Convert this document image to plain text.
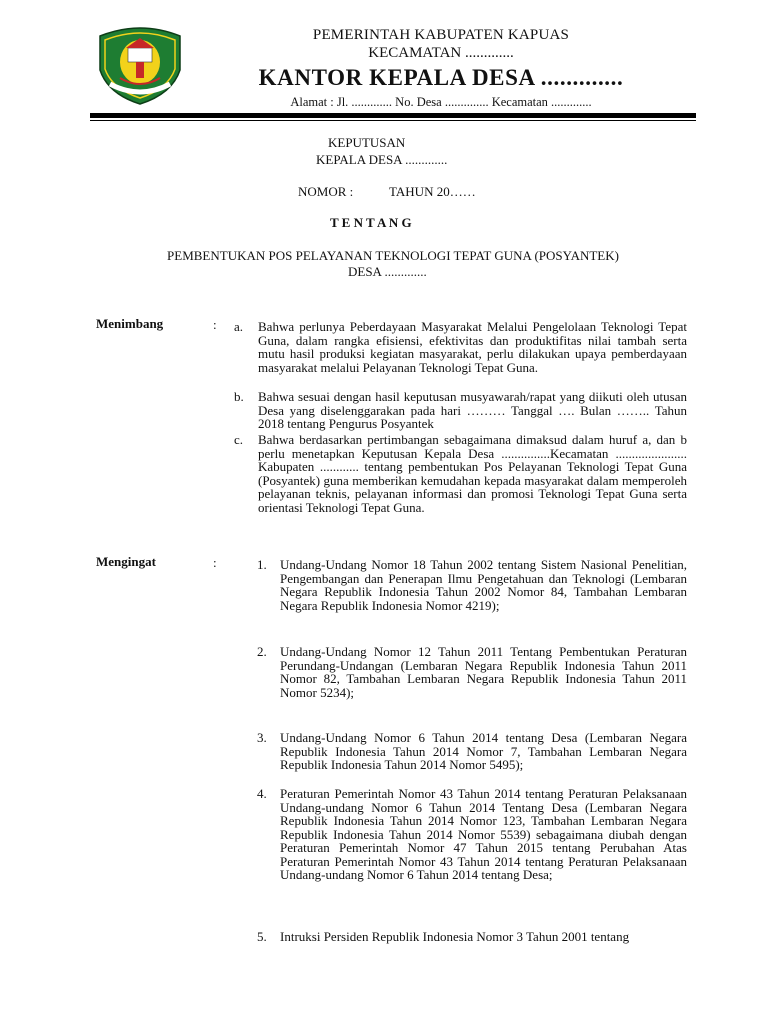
PEMERINTAH KABUPATEN KAPUAS
KECAMATAN .............
KANTOR KEPALA DESA .............
Alamat : Jl. ............. No. Desa .............. Kecamatan .............
KEPUTUSAN
KEPALA DESA .............
NOMOR :	TAHUN 20……
T E N T A N G
PEMBENTUKAN POS PELAYANAN TEKNOLOGI TEPAT GUNA (POSYANTEK)
DESA .............
Menimbang	: a. Bahwa perlunya Peberdayaan Masyarakat Melalui Pengelolaan Teknologi Tepat Guna, dalam rangka efisiensi, efektivitas dan produktifitas nilai tambah serta mutu hasil produksi kegiatan masyarakat, perlu dilakukan upaya pemberdayaan masyarakat melalui Pelayanan Teknologi Tepat Guna.
b. Bahwa sesuai dengan hasil keputusan musyawarah/rapat yang diikuti oleh utusan Desa yang diselenggarakan pada hari ……… Tanggal …. Bulan …….. Tahun 2018 tentang Pengurus Posyantek
c. Bahwa berdasarkan pertimbangan sebagaimana dimaksud dalam huruf a, dan b perlu menetapkan Keputusan Kepala Desa ...............Kecamatan ...................... Kabupaten ............ tentang pembentukan Pos Pelayanan Teknologi Tepat Guna (Posyantek) guna memberikan kemudahan kepada masyarakat dalam memperoleh pelayanan teknis, pelayanan informasi dan promosi Teknologi Tepat Guna serta orientasi Teknologi Tepat Guna.
Mengingat	:	1. Undang-Undang Nomor 18 Tahun 2002 tentang Sistem Nasional Penelitian, Pengembangan dan Penerapan Ilmu Pengetahuan dan Teknologi (Lembaran Negara Republik Indonesia Tahun 2002 Nomor 84, Tambahan Lembaran Negara Republik Indonesia Nomor 4219);
2. Undang-Undang Nomor 12 Tahun 2011 Tentang Pembentukan Peraturan Perundang-Undangan (Lembaran Negara Republik Indonesia Tahun 2011 Nomor 82, Tambahan Lembaran Negara Republik Indonesia Tahun 2011 Nomor 5234);
3. Undang-Undang Nomor 6 Tahun 2014 tentang Desa (Lembaran Negara Republik Indonesia Tahun 2014 Nomor 7, Tambahan Lembaran Negara Republik Indonesia Tahun 2014 Nomor 5495);
4. Peraturan Pemerintah Nomor 43 Tahun 2014 tentang Peraturan Pelaksanaan Undang-undang Nomor 6 Tahun 2014 Tentang Desa (Lembaran Negara Republik Indonesia Tahun 2014 Nomor 123, Tambahan Lembaran Negara Republik Indonesia Tahun 2014 Nomor 5539) sebagaimana diubah dengan Peraturan Pemerintah Nomor 47 Tahun 2015 tentang Perubahan Atas Peraturan Pemerintah Nomor 43 Tahun 2014 tentang Peraturan Pelaksanaan Undang-undang Nomor 6 Tahun 2014 tentang Desa;
5. Intruksi Persiden Republik Indonesia Nomor 3 Tahun 2001 tentang
